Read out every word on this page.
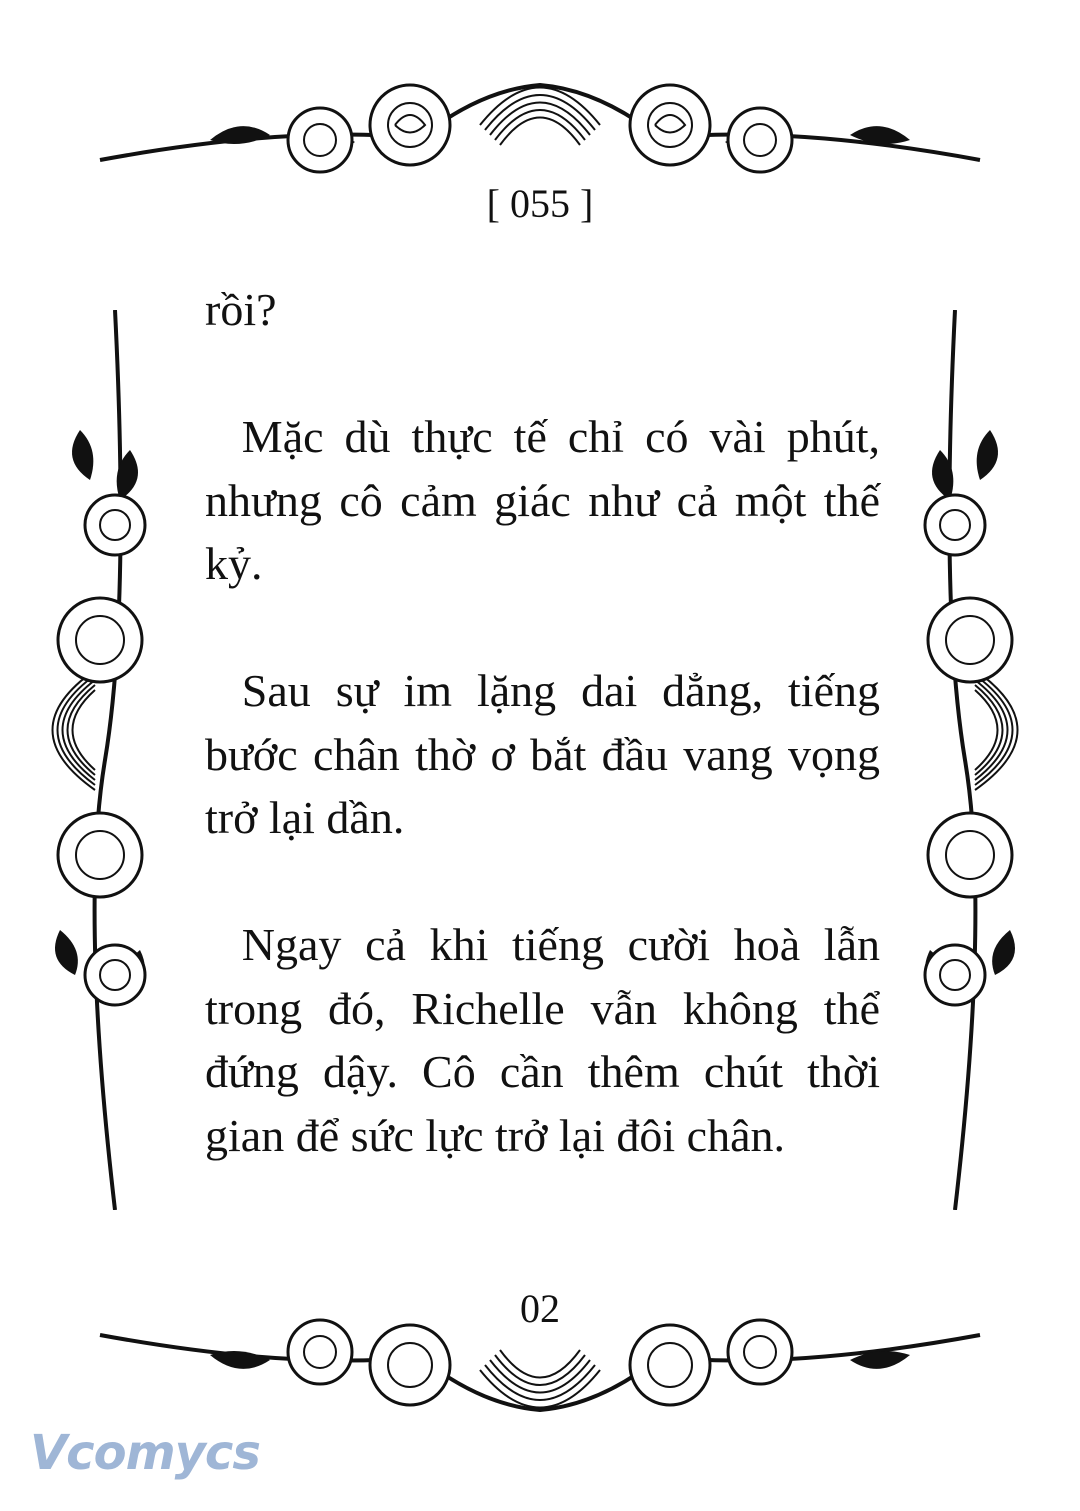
[ 055 ]

rồi?

Mặc dù thực tế chỉ có vài phút, nhưng cô cảm giác như cả một thế kỷ.

Sau sự im lặng dai dẳng, tiếng bước chân thờ ơ bắt đầu vang vọng trở lại dần.

Ngay cả khi tiếng cười hoà lẫn trong đó, Richelle vẫn không thể đứng dậy. Cô cần thêm chút thời gian để sức lực trở lại đôi chân.

02
Vcomycs
